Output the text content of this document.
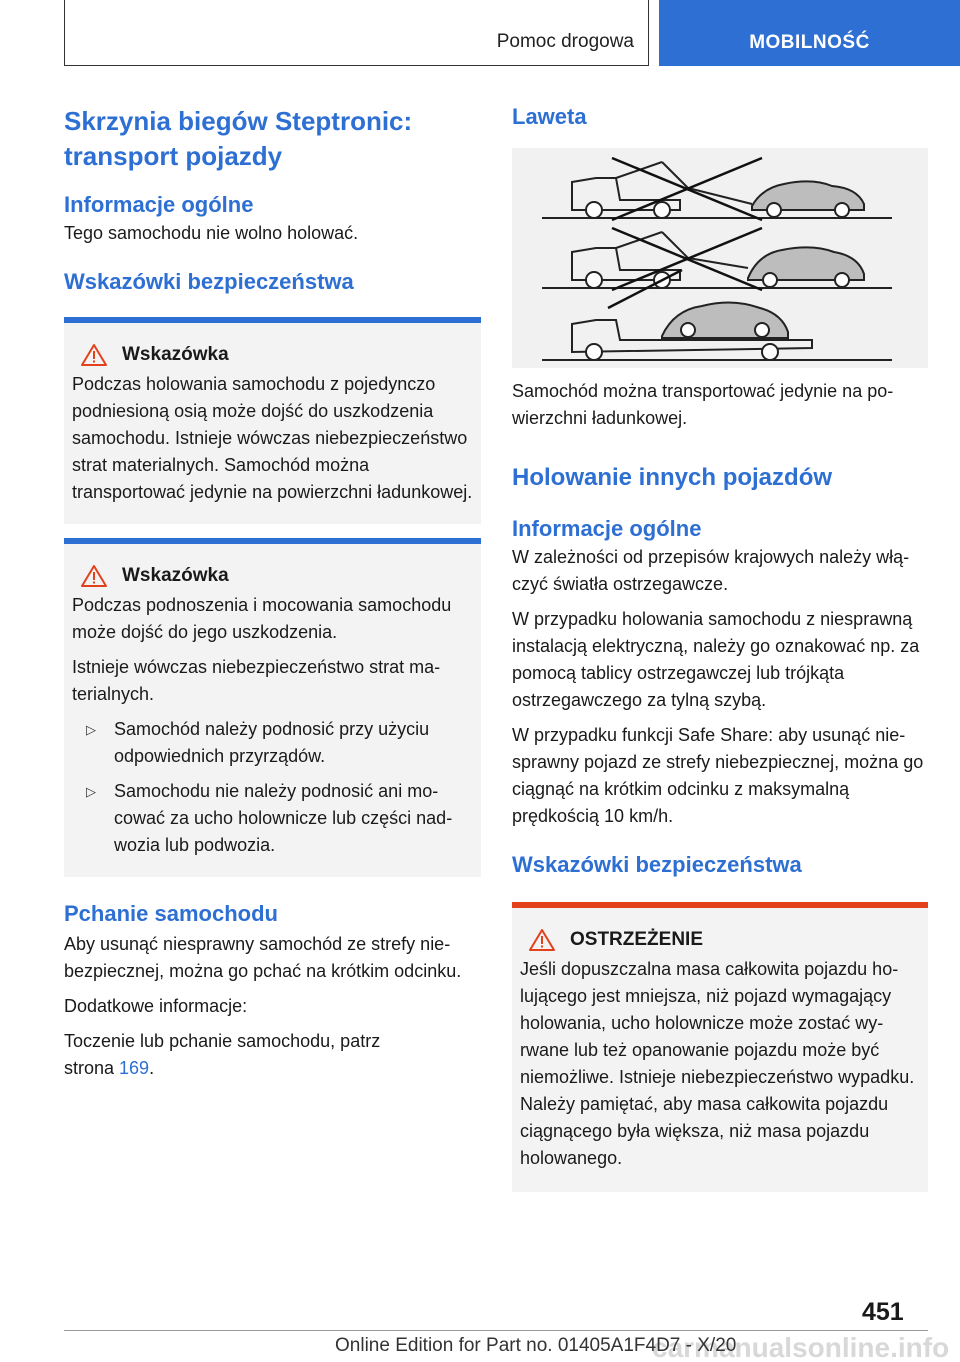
Pomoc drogowa	MOBILNOŚĆ
Skrzynia biegów Steptronic: transport pojazdy
Informacje ogólne

Tego samochodu nie wolno holować.

Wskazówki bezpieczeństwa
Wskazówka

Podczas holowania samochodu z pojedynczo podniesioną osią może dojść do uszkodzenia samochodu. Istnieje wówczas niebezpieczeństwo strat materialnych. Samochód można transportować jedynie na powierzchni ładunkowej.

Wskazówka

Podczas podnoszenia i mocowania samochodu może dojść do jego uszkodzenia.

Istnieje wówczas niebezpieczeństwo strat materialnych.

▷	Samochód należy podnosić przy użyciu odpowiednich przyrządów.
▷	Samochodu nie należy podnosić ani mocować za ucho holownicze lub części nadwozia lub podwozia.
Pchanie samochodu

Aby usunąć niesprawny samochód ze strefy niebezpiecznej, można go pchać na krótkim odcinku.

Dodatkowe informacje:

Toczenie lub pchanie samochodu, patrz strona 169.

Laweta

Samochód można transportować jedynie na powierzchni ładunkowej.

Holowanie innych pojazdów
Informacje ogólne

W zależności od przepisów krajowych należy włączyć światła ostrzegawcze.

W przypadku holowania samochodu z niesprawną instalacją elektryczną, należy go oznakować np. za pomocą tablicy ostrzegawczej lub trójkąta ostrzegawczego za tylną szybą.

W przypadku funkcji Safe Share: aby usunąć niesprawny pojazd ze strefy niebezpiecznej, można go ciągnąć na krótkim odcinku z maksymalną prędkością 10 km/h.

Wskazówki bezpieczeństwa
OSTRZEŻENIE

Jeśli dopuszczalna masa całkowita pojazdu holującego jest mniejsza, niż pojazd wymagający holowania, ucho holownicze może zostać wyrwane lub też opanowanie pojazdu może być niemożliwe. Istnieje niebezpieczeństwo wypadku. Należy pamiętać, aby masa całkowita pojazdu ciągnącego była większa, niż masa pojazdu holowanego.

451
carmanualsonline.info
Online Edition for Part no. 01405A1F4D7 - X/20
